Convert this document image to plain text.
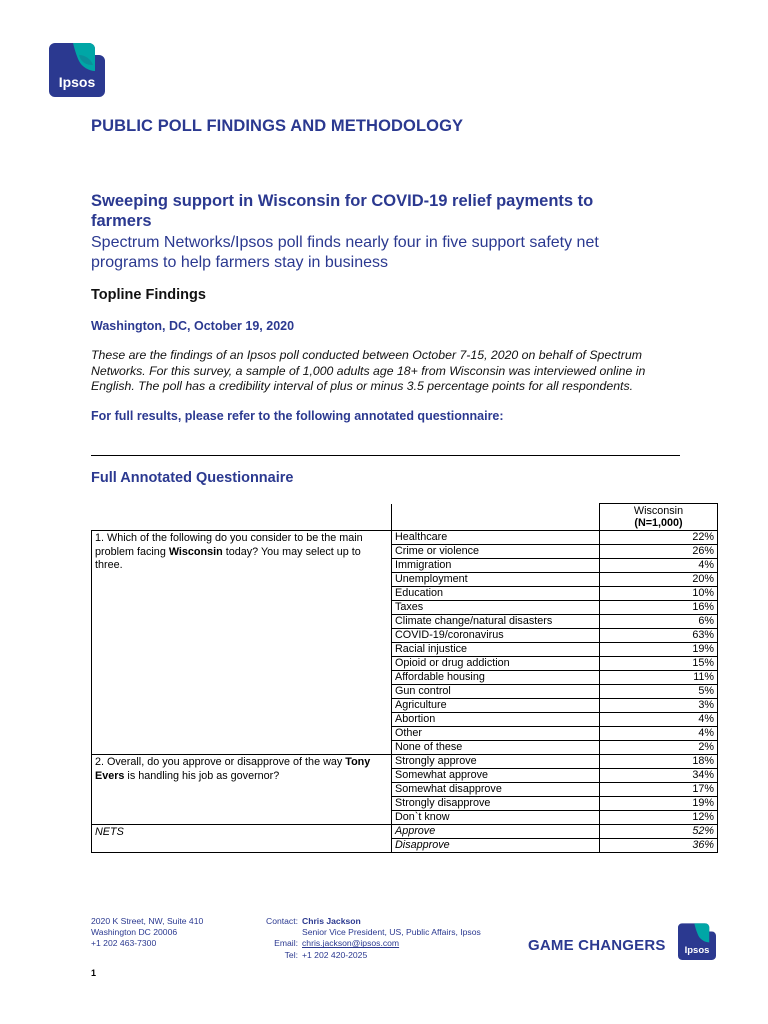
Ipsos
PUBLIC POLL FINDINGS AND METHODOLOGY
Sweeping support in Wisconsin for COVID-19 relief payments to farmers
Spectrum Networks/Ipsos poll finds nearly four in five support safety net programs to help farmers stay in business
Topline Findings
Washington, DC, October 19, 2020
These are the findings of an Ipsos poll conducted between October 7-15, 2020 on behalf of Spectrum Networks. For this survey, a sample of 1,000 adults age 18+ from Wisconsin was interviewed online in English. The poll has a credibility interval of plus or minus 3.5 percentage points for all respondents.
For full results, please refer to the following annotated questionnaire:
Full Annotated Questionnaire
		Wisconsin
(N=1,000)
1. Which of the following do you consider to be the main problem facing Wisconsin today? You may select up to three.	Healthcare	22%
	Crime or violence	26%
	Immigration	4%
	Unemployment	20%
	Education	10%
	Taxes	16%
	Climate change/natural disasters	6%
	COVID-19/coronavirus	63%
	Racial injustice	19%
	Opioid or drug addiction	15%
	Affordable housing	11%
	Gun control	5%
	Agriculture	3%
	Abortion	4%
	Other	4%
	None of these	2%
2. Overall, do you approve or disapprove of the way Tony Evers is handling his job as governor?	Strongly approve	18%
	Somewhat approve	34%
	Somewhat disapprove	17%
	Strongly disapprove	19%
	Don`t know	12%
NETS	Approve	52%
	Disapprove	36%
2020 K Street, NW, Suite 410
Washington DC 20006
+1 202 463-7300
Contact: Chris Jackson
Senior Vice President, US, Public Affairs, Ipsos
Email: chris.jackson@ipsos.com
Tel: +1 202 420-2025
GAME CHANGERS Ipsos
1
